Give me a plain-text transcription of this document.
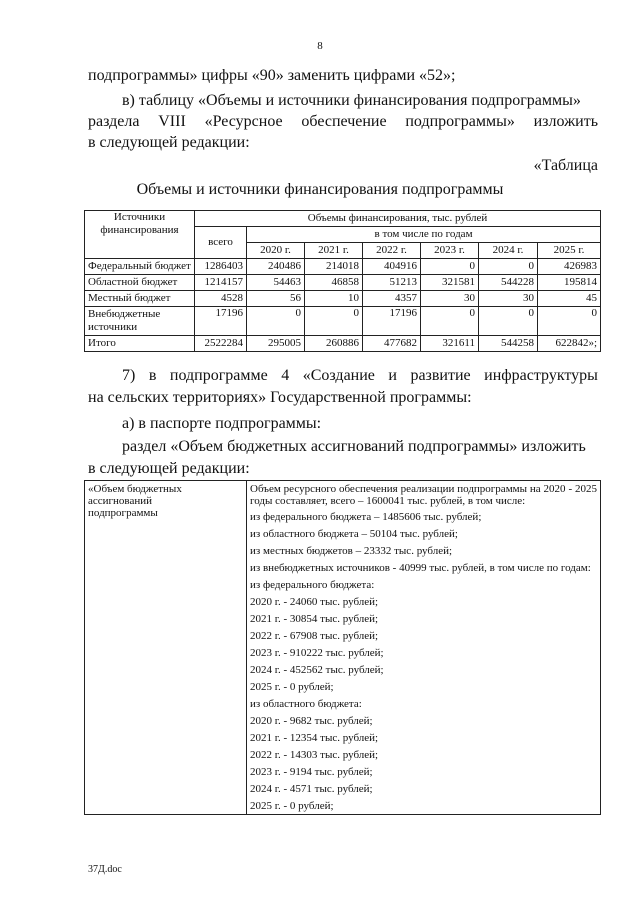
8
подпрограммы» цифры «90» заменить цифрами «52»;
в) таблицу «Объемы и источники финансирования подпрограммы»
раздела VIII «Ресурсное обеспечение подпрограммы» изложить
в следующей редакции:
«Таблица
Объемы и источники финансирования подпрограммы
Источники финансирования	Объемы финансирования, тыс. рублей						
	всего	в том числе по годам					
		2020 г.	2021 г.	2022 г.	2023 г.	2024 г.	2025 г.
Федеральный бюджет	1286403	240486	214018	404916	0	0	426983
Областной бюджет	1214157	54463	46858	51213	321581	544228	195814
Местный бюджет	4528	56	10	4357	30	30	45
Внебюджетные источники	17196	0	0	17196	0	0	0
Итого	2522284	295005	260886	477682	321611	544258	622842»;
7) в подпрограмме 4 «Создание и развитие инфраструктуры
на сельских территориях» Государственной программы:
а) в паспорте подпрограммы:
раздел «Объем бюджетных ассигнований подпрограммы» изложить
в следующей редакции:
«Объем бюджетных ассигнований подпрограммы

Объем ресурсного обеспечения реализации подпрограммы на 2020 - 2025 годы составляет, всего – 1600041 тыс. рублей, в том числе:
из федерального бюджета – 1485606 тыс. рублей;
из областного бюджета – 50104 тыс. рублей;
из местных бюджетов – 23332 тыс. рублей;
из внебюджетных источников - 40999 тыс. рублей, в том числе по годам:
из федерального бюджета:
2020 г. - 24060 тыс. рублей;
2021 г. - 30854 тыс. рублей;
2022 г. - 67908 тыс. рублей;
2023 г. - 910222 тыс. рублей;
2024 г. - 452562 тыс. рублей;
2025 г. - 0 рублей;
из областного бюджета:
2020 г. - 9682 тыс. рублей;
2021 г. - 12354 тыс. рублей;
2022 г. - 14303 тыс. рублей;
2023 г. - 9194 тыс. рублей;
2024 г. - 4571 тыс. рублей;
2025 г. - 0 рублей;
37Д.doc
